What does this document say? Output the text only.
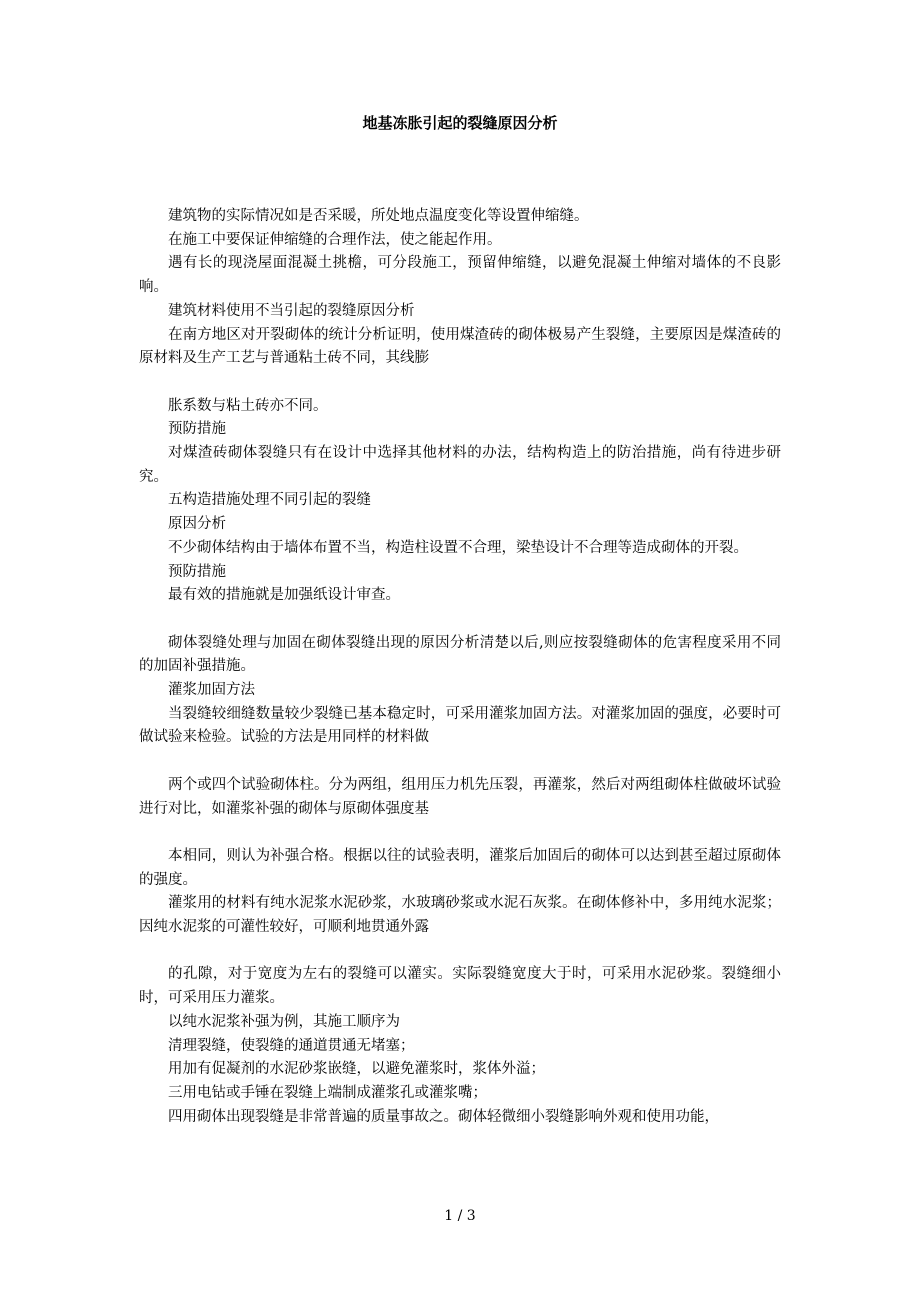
地基冻胀引起的裂缝原因分析

建筑物的实际情况如是否采暖，所处地点温度变化等设置伸缩缝。

在施工中要保证伸缩缝的合理作法，使之能起作用。

遇有长的现浇屋面混凝土挑檐，可分段施工，预留伸缩缝，以避免混凝土伸缩对墙体的不良影响。

建筑材料使用不当引起的裂缝原因分析

在南方地区对开裂砌体的统计分析证明，使用煤渣砖的砌体极易产生裂缝，主要原因是煤渣砖的原材料及生产工艺与普通粘土砖不同，其线膨

胀系数与粘土砖亦不同。

预防措施

对煤渣砖砌体裂缝只有在设计中选择其他材料的办法，结构构造上的防治措施，尚有待进步研究。

五构造措施处理不同引起的裂缝

原因分析

不少砌体结构由于墙体布置不当，构造柱设置不合理，梁垫设计不合理等造成砌体的开裂。

预防措施

最有效的措施就是加强纸设计审查。

砌体裂缝处理与加固在砌体裂缝出现的原因分析清楚以后,则应按裂缝砌体的危害程度采用不同的加固补强措施。

灌浆加固方法

当裂缝较细缝数量较少裂缝已基本稳定时，可采用灌浆加固方法。对灌浆加固的强度，必要时可做试验来检验。试验的方法是用同样的材料做

两个或四个试验砌体柱。分为两组，组用压力机先压裂，再灌浆，然后对两组砌体柱做破坏试验进行对比，如灌浆补强的砌体与原砌体强度基

本相同，则认为补强合格。根据以往的试验表明，灌浆后加固后的砌体可以达到甚至超过原砌体的强度。

灌浆用的材料有纯水泥浆水泥砂浆，水玻璃砂浆或水泥石灰浆。在砌体修补中，多用纯水泥浆；因纯水泥浆的可灌性较好，可顺利地贯通外露

的孔隙，对于宽度为左右的裂缝可以灌实。实际裂缝宽度大于时，可采用水泥砂浆。裂缝细小时，可采用压力灌浆。

以纯水泥浆补强为例，其施工顺序为

清理裂缝，使裂缝的通道贯通无堵塞；

用加有促凝剂的水泥砂浆嵌缝，以避免灌浆时，浆体外溢；

三用电钻或手锤在裂缝上端制成灌浆孔或灌浆嘴；

四用砌体出现裂缝是非常普遍的质量事故之。砌体轻微细小裂缝影响外观和使用功能，

1 / 3
